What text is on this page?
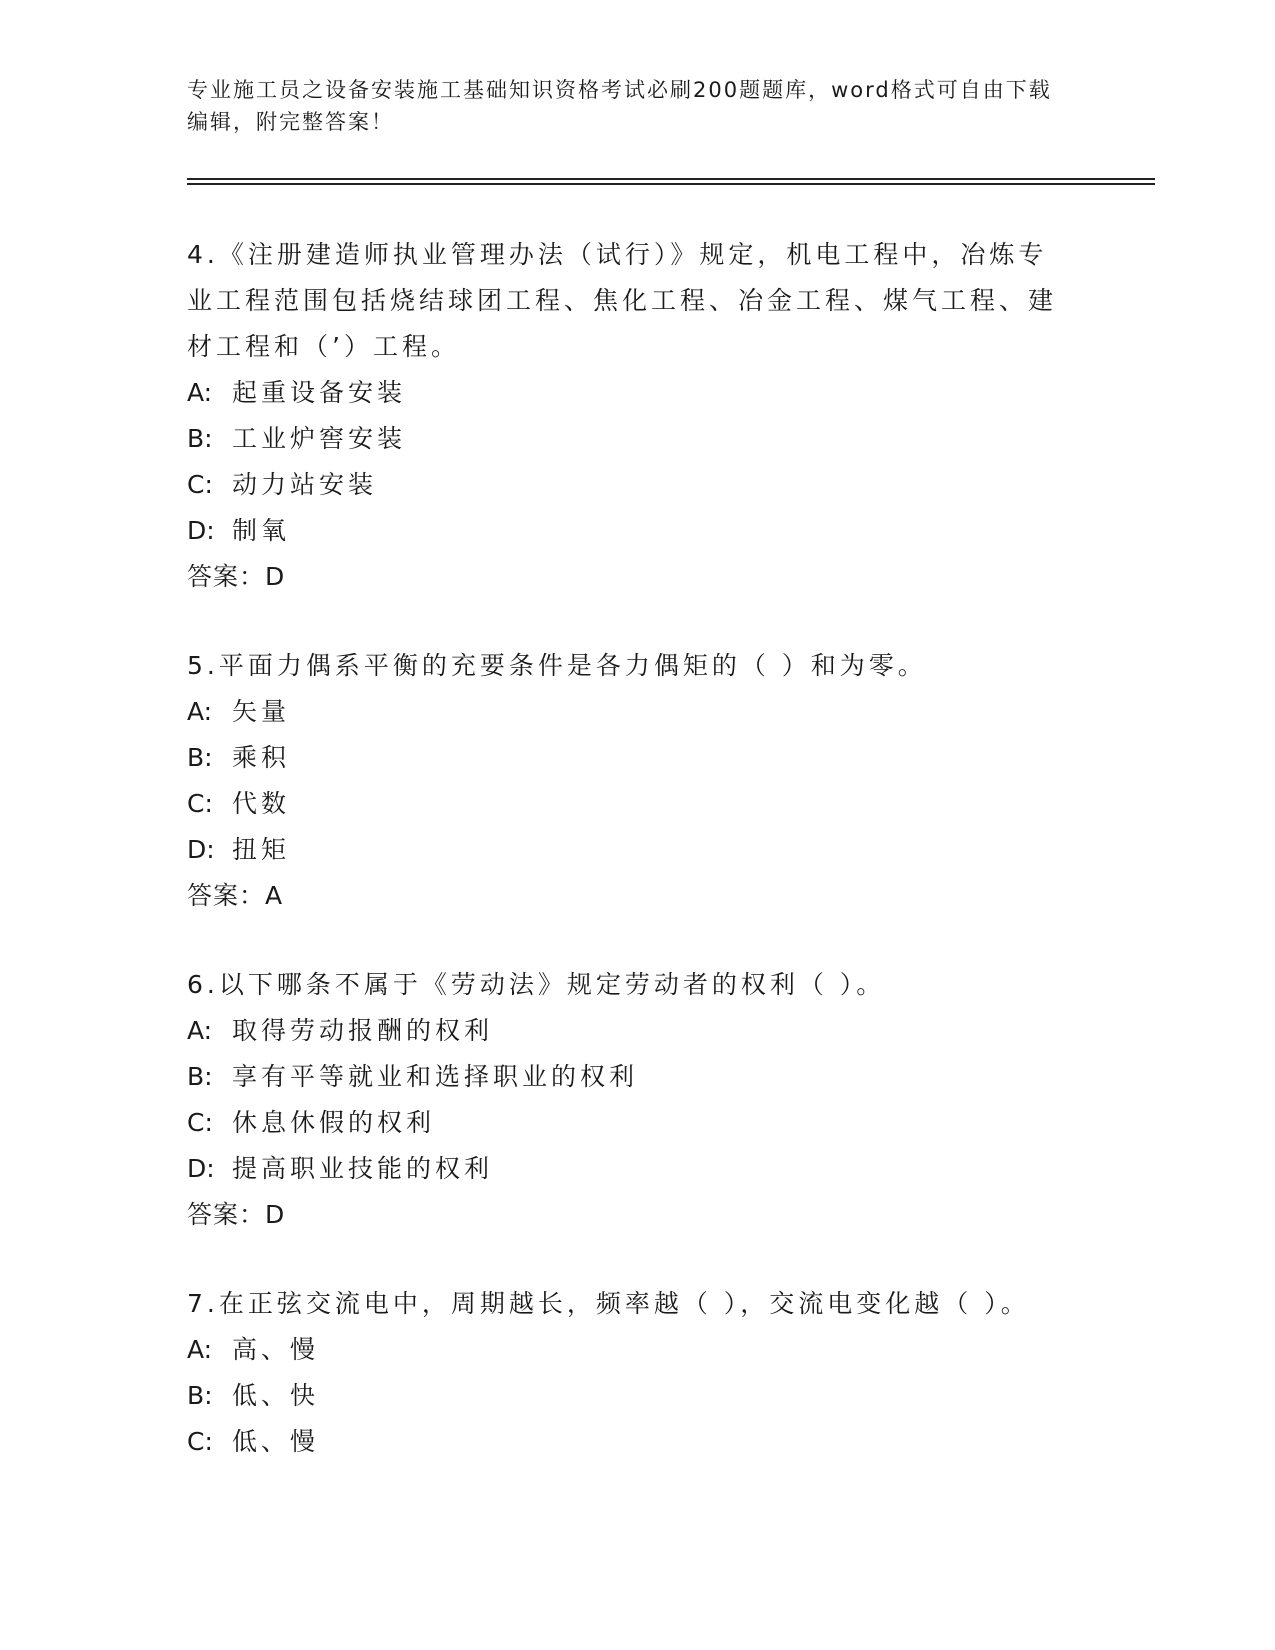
专业施工员之设备安装施工基础知识资格考试必刷200题题库，word格式可自由下载编辑，附完整答案！

4.《注册建造师执业管理办法（试行）》规定，机电工程中，冶炼专业工程范围包括烧结球团工程、焦化工程、冶金工程、煤气工程、建材工程和（’）工程。

A: 起重设备安装

B: 工业炉窖安装

C: 动力站安装

D: 制氧

答案：D

5.平面力偶系平衡的充要条件是各力偶矩的（ ）和为零。

A: 矢量

B: 乘积

C: 代数

D: 扭矩

答案：A

6.以下哪条不属于《劳动法》规定劳动者的权利（ ）。

A: 取得劳动报酬的权利

B: 享有平等就业和选择职业的权利

C: 休息休假的权利

D: 提高职业技能的权利

答案：D

7.在正弦交流电中，周期越长，频率越（ ），交流电变化越（ ）。

A: 高、慢

B: 低、快

C: 低、慢
